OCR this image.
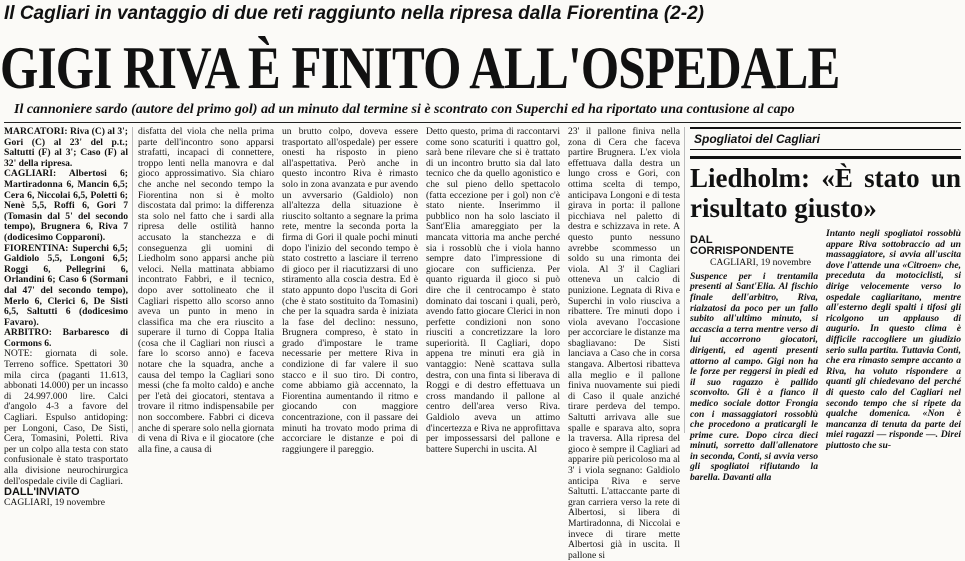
Il Cagliari in vantaggio di due reti raggiunto nella ripresa dalla Fiorentina (2-2)
GIGI RIVA È FINITO ALL'OSPEDALE
Il cannoniere sardo (autore del primo gol) ad un minuto dal termine si è scontrato con Superchi ed ha riportato una contusione al capo

MARCATORI: Riva (C) al 3'; Gori (C) al 23' del p.t.; Saltutti (F) al 3'; Caso (F) al 32' della ripresa.

CAGLIARI: Albertosi 6; Martiradonna 6, Mancin 6,5; Cera 6, Niccolai 6,5, Poletti 6; Nenè 5,5, Roffi 6, Gori 7 (Tomasin dal 5' del secondo tempo), Brugnera 6, Riva 7 (dodicesimo Copparoni).

FIORENTINA: Superchi 6,5; Galdiolo 5,5, Longoni 6,5; Roggi 6, Pellegrini 6, Orlandini 6; Caso 6 (Sormani dal 47' del secondo tempo), Merlo 6, Clerici 6, De Sisti 6,5, Saltutti 6 (dodicesimo Favaro).

ARBITRO: Barbaresco di Cormons 6.

NOTE: giornata di sole. Terreno soffice. Spettatori 30 mila circa (paganti 11.613, abbonati 14.000) per un incasso di 24.997.000 lire. Calci d'angolo 4-3 a favore del Cagliari. Espulso antidoping: per Longoni, Caso, De Sisti, Cera, Tomasini, Poletti. Riva per un colpo alla testa con stato confusionale è stato trasportato alla divisione neurochirurgica dell'ospedale civile di Cagliari.

DALL'INVIATO

CAGLIARI, 19 novembre

disfatta del viola che nella prima parte dell'incontro sono apparsi strafatti, incapaci di connettere, troppo lenti nella manovra e dal gioco approssimativo. Sia chiaro che anche nel secondo tempo la Fiorentina non si è molto discostata dal primo: la differenza sta solo nel fatto che i sardi alla ripresa delle ostilità hanno accusato la stanchezza e di conseguenza gli uomini di Liedholm sono apparsi anche più veloci. Nella mattinata abbiamo incontrato Fabbri, e il tecnico, dopo aver sottolineato che il Cagliari rispetto allo scorso anno aveva un punto in meno in classifica ma che era riuscito a superare il turno di Coppa Italia (cosa che il Cagliari non riuscì a fare lo scorso anno) e faceva notare che la squadra, anche a causa del tempo la Cagliari sono messi (che fa molto caldo) e anche per l'età dei giocatori, stentava a trovare il ritmo indispensabile per non soccombere. Fabbri ci diceva anche di sperare solo nella giornata di vena di Riva e il giocatore (che alla fine, a causa di

un brutto colpo, doveva essere trasportato all'ospedale) per essere onesti ha risposto in pieno all'aspettativa. Però anche in questo incontro Riva è rimasto solo in zona avanzata e pur avendo un avversario (Galdiolo) non all'altezza della situazione è riuscito soltanto a segnare la prima rete, mentre la seconda porta la firma di Gori il quale pochi minuti dopo l'inizio del secondo tempo è stato costretto a lasciare il terreno di gioco per il riacutizzarsi di uno stiramento alla coscia destra. Ed è stato appunto dopo l'uscita di Gori (che è stato sostituito da Tomasini) che per la squadra sarda è iniziata la fase del declino: nessuno, Brugnera compreso, è stato in grado d'impostare le trame necessarie per mettere Riva in condizione di far valere il suo stacco e il suo tiro. Di contro, come abbiamo già accennato, la Fiorentina aumentando il ritmo e giocando con maggiore concentrazione, con il passare dei minuti ha trovato modo prima di accorciare le distanze e poi di raggiungere il pareggio.

Detto questo, prima di raccontarvi come sono scaturiti i quattro gol, sarà bene rilevare che si è trattato di un incontro brutto sia dal lato tecnico che da quello agonistico e che sul pieno dello spettacolo (fatta eccezione per i gol) non c'è stato niente. Inserimmo il pubblico non ha solo lasciato il Sant'Elia amareggiato per la mancata vittoria ma anche perché sia i rossoblù che i viola hanno sempre dato l'impressione di giocare con sufficienza. Per quanto riguarda il gioco si può dire che il centrocampo è stato dominato dai toscani i quali, però, avendo fatto giocare Clerici in non perfette condizioni non sono riusciti a concretizzare la loro superiorità. Il Cagliari, dopo appena tre minuti era già in vantaggio: Nenè scattava sulla destra, con una finta si liberava di Roggi e di destro effettuava un cross mandando il pallone al centro dell'area verso Riva. Galdiolo aveva un attimo d'incertezza e Riva ne approfittava per impossessarsi del pallone e battere Superchi in uscita. Al

23' il pallone finiva nella zona di Cera che faceva partire Brugnera. L'ex viola effettuava dalla destra un lungo cross e Gori, con ottima scelta di tempo, anticipava Longoni e di testa girava in porta: il pallone picchiava nel paletto di destra e schizzava in rete. A questo punto nessuno avrebbe scommesso un soldo su una rimonta dei viola. Al 3' il Cagliari otteneva un calcio di punizione. Legnata di Riva e Superchi in volo riusciva a ribattere. Tre minuti dopo i viola avevano l'occasione per accorciare le distanze ma sbagliavano: De Sisti lanciava a Caso che in corsa stangava. Albertosi ribatteva alla meglio e il pallone finiva nuovamente sui piedi di Caso il quale anziché tirare perdeva del tempo. Saltutti arrivava alle sue spalle e sparava alto, sopra la traversa. Alla ripresa del gioco è sempre il Cagliari ad apparire più pericoloso ma al 3' i viola segnano: Galdiolo anticipa Riva e serve Saltutti. L'attaccante parte di gran carriera verso la rete di Albertosi, si libera di Martiradonna, di Niccolai e invece di tirare mette Albertosi già in uscita. Il pallone si

Spogliatoi del Cagliari
Liedholm: «È stato un risultato giusto»
DAL CORRISPONDENTE
CAGLIARI, 19 novembre

Suspence per i trentamila presenti al Sant'Elia. Al fischio finale dell'arbitro, Riva, rialzatosi da poco per un fallo subito all'ultimo minuto, si accascia a terra mentre verso di lui accorrono giocatori, dirigenti, ed agenti presenti attorno al campo. Gigi non ha le forze per reggersi in piedi ed il suo ragazzo è pallido sconvolto. Gli è a fianco il medico sociale dottor Frongia con i massaggiatori rossoblù che procedono a praticargli le prime cure. Dopo circa dieci minuti, sorretto dall'allenatore in seconda, Conti, si avvia verso gli spogliatoi rifiutando la barella. Davanti alla

Intanto negli spogliatoi rossoblù appare Riva sottobraccio ad un massaggiatore, si avvia all'uscita dove l'attende una «Citroen» che, preceduta da motociclisti, si dirige velocemente verso lo ospedale cagliaritano, mentre all'esterno degli spalti i tifosi gli ricolgono un applauso di augurio. In questo clima è difficile raccogliere un giudizio serio sulla partita. Tuttavia Conti, che era rimasto sempre accanto a Riva, ha voluto rispondere a quanti gli chiedevano del perché di questo calo del Cagliari nel secondo tempo che si ripete da qualche domenica. «Non è mancanza di tenuta da parte dei miei ragazzi — risponde —. Direi piuttosto che su-
